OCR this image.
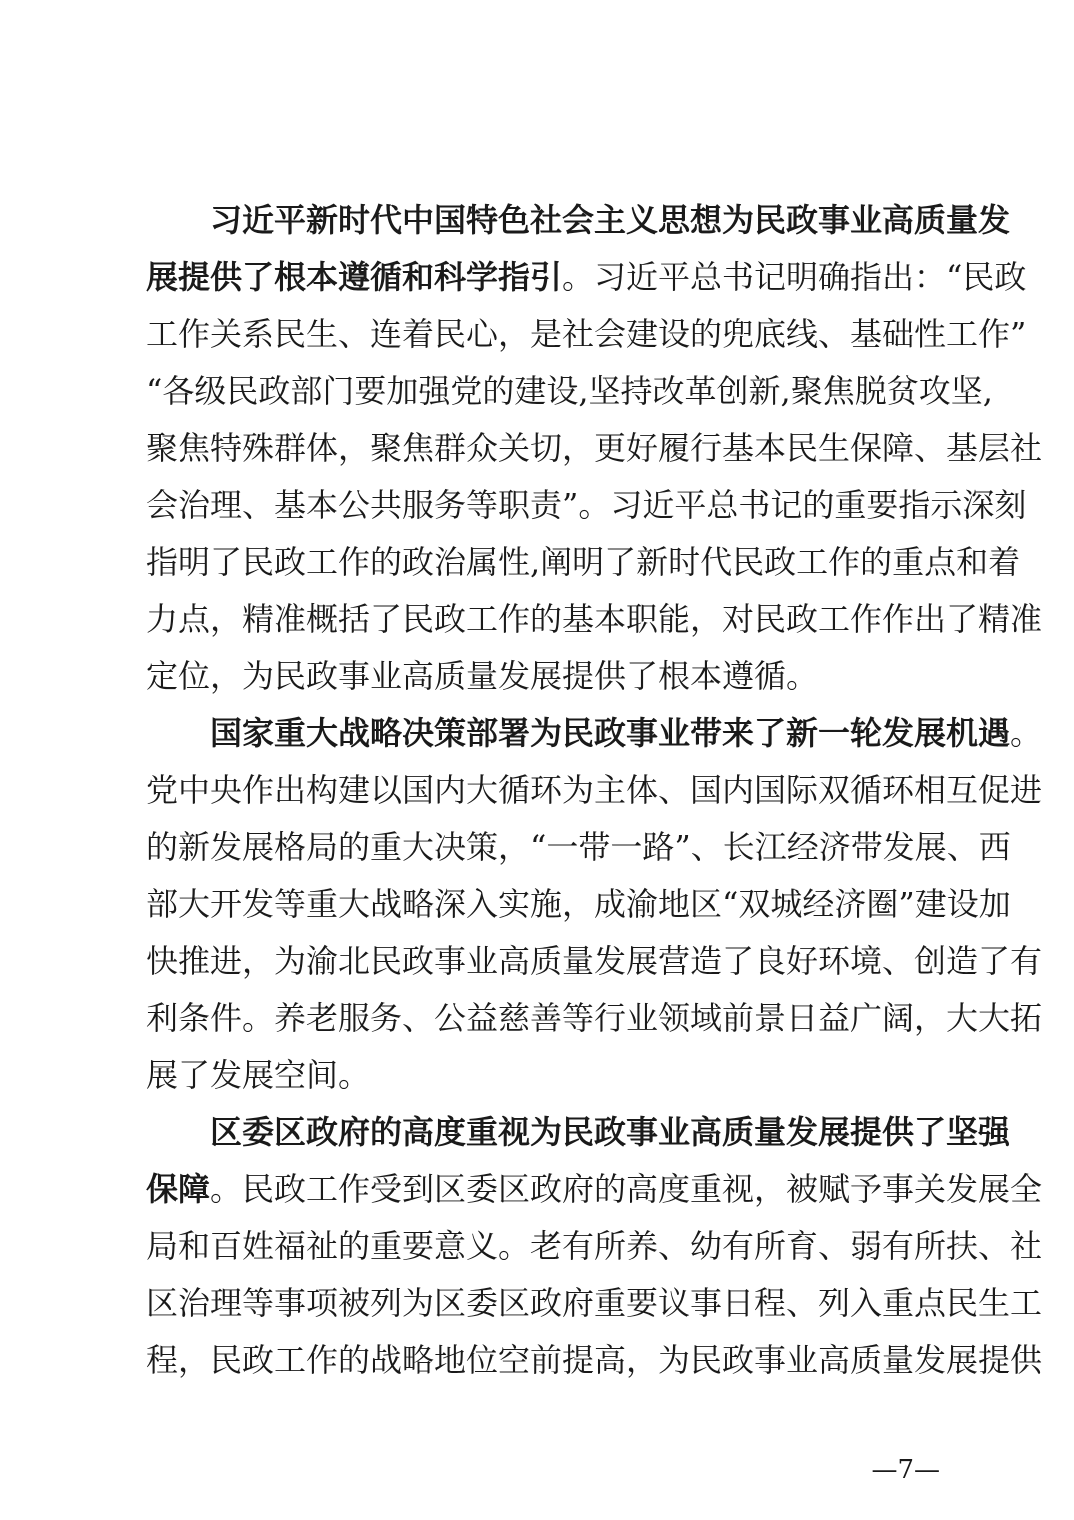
习近平新时代中国特色社会主义思想为民政事业高质量发
展提供了根本遵循和科学指引。习近平总书记明确指出：“民政
工作关系民生、连着民心，是社会建设的兜底线、基础性工作”
“各级民政部门要加强党的建设,坚持改革创新,聚焦脱贫攻坚,
聚焦特殊群体，聚焦群众关切，更好履行基本民生保障、基层社
会治理、基本公共服务等职责”。习近平总书记的重要指示深刻
指明了民政工作的政治属性,阐明了新时代民政工作的重点和着
力点，精准概括了民政工作的基本职能，对民政工作作出了精准
定位，为民政事业高质量发展提供了根本遵循。
国家重大战略决策部署为民政事业带来了新一轮发展机遇。
党中央作出构建以国内大循环为主体、国内国际双循环相互促进
的新发展格局的重大决策，“一带一路”、长江经济带发展、西
部大开发等重大战略深入实施，成渝地区“双城经济圈”建设加
快推进，为渝北民政事业高质量发展营造了良好环境、创造了有
利条件。养老服务、公益慈善等行业领域前景日益广阔，大大拓
展了发展空间。
区委区政府的高度重视为民政事业高质量发展提供了坚强
保障。民政工作受到区委区政府的高度重视，被赋予事关发展全
局和百姓福祉的重要意义。老有所养、幼有所育、弱有所扶、社
区治理等事项被列为区委区政府重要议事日程、列入重点民生工
程，民政工作的战略地位空前提高，为民政事业高质量发展提供
—7—
